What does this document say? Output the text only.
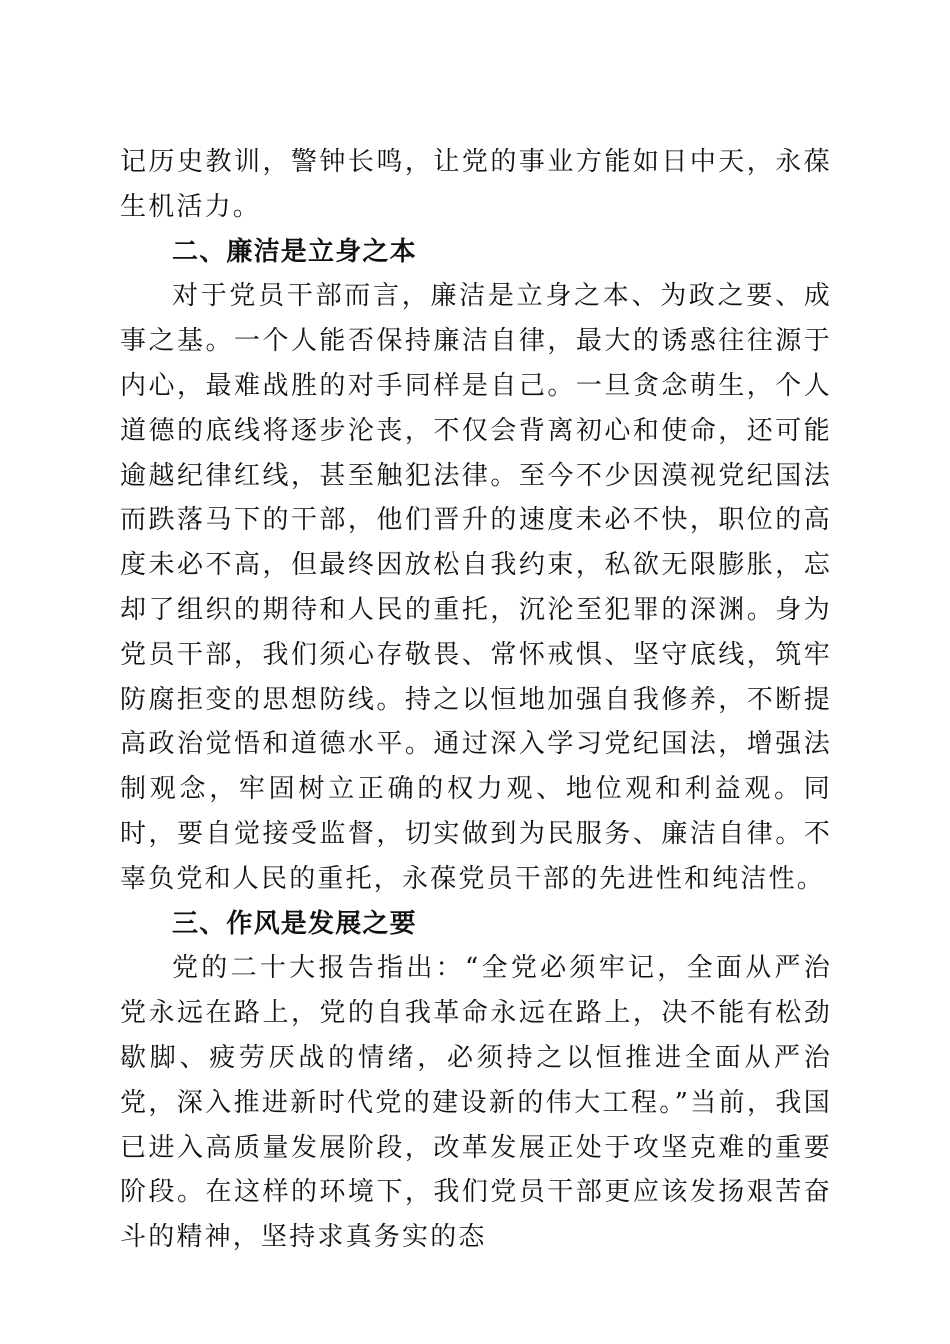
记历史教训，警钟长鸣，让党的事业方能如日中天，永葆生机活力。

二、廉洁是立身之本

对于党员干部而言，廉洁是立身之本、为政之要、成事之基。一个人能否保持廉洁自律，最大的诱惑往往源于内心，最难战胜的对手同样是自己。一旦贪念萌生，个人道德的底线将逐步沦丧，不仅会背离初心和使命，还可能逾越纪律红线，甚至触犯法律。至今不少因漠视党纪国法而跌落马下的干部，他们晋升的速度未必不快，职位的高度未必不高，但最终因放松自我约束，私欲无限膨胀，忘却了组织的期待和人民的重托，沉沦至犯罪的深渊。身为党员干部，我们须心存敬畏、常怀戒惧、坚守底线，筑牢防腐拒变的思想防线。持之以恒地加强自我修养，不断提高政治觉悟和道德水平。通过深入学习党纪国法，增强法制观念，牢固树立正确的权力观、地位观和利益观。同时，要自觉接受监督，切实做到为民服务、廉洁自律。不辜负党和人民的重托，永葆党员干部的先进性和纯洁性。

三、作风是发展之要

党的二十大报告指出：“全党必须牢记，全面从严治党永远在路上，党的自我革命永远在路上，决不能有松劲歇脚、疲劳厌战的情绪，必须持之以恒推进全面从严治党，深入推进新时代党的建设新的伟大工程。”当前，我国已进入高质量发展阶段，改革发展正处于攻坚克难的重要阶段。在这样的环境下，我们党员干部更应该发扬艰苦奋斗的精神，坚持求真务实的态
